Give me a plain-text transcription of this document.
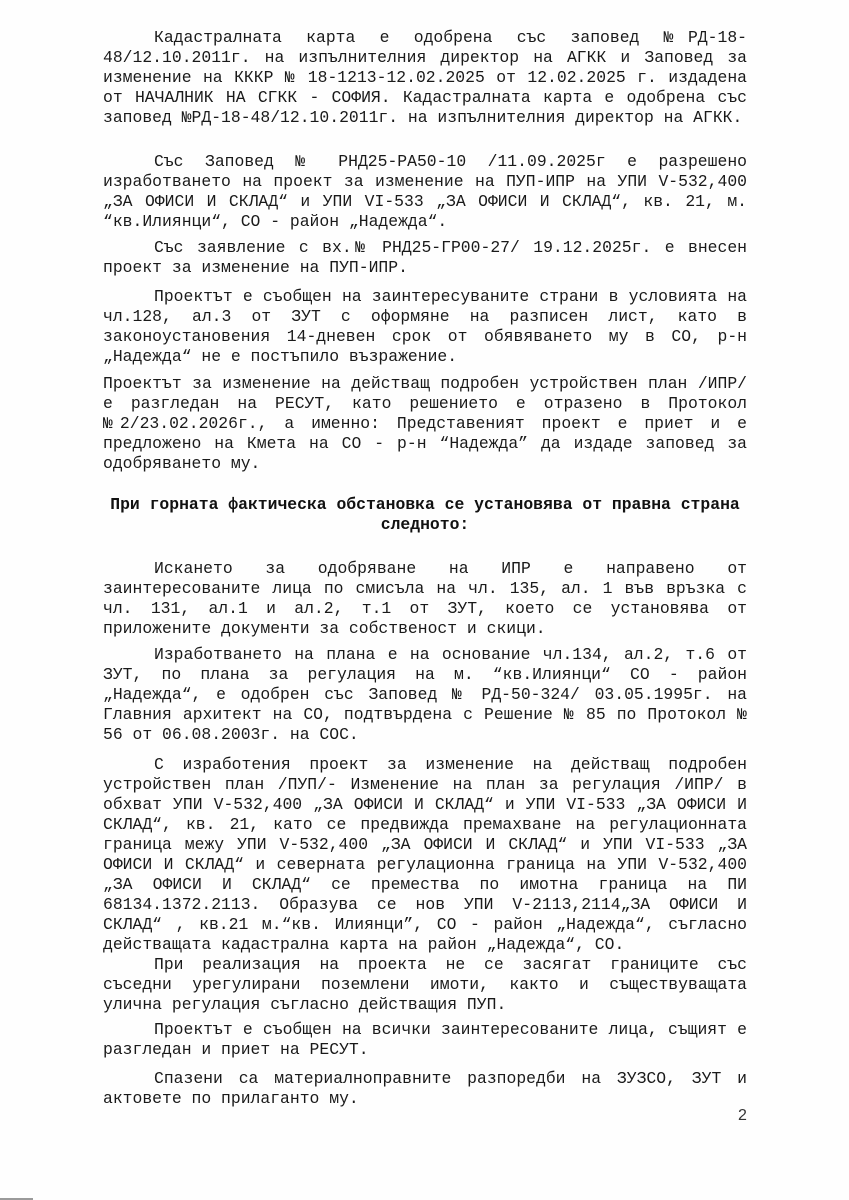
Кадастралната карта е одобрена със заповед №РД-18-48/12.10.2011г. на изпълнителния директор на АГКК и Заповед за изменение на КККР № 18-1213-12.02.2025 от 12.02.2025 г. издадена от НАЧАЛНИК НА СГКК - СОФИЯ. Кадастралната карта е одобрена със заповед №РД-18-48/12.10.2011г. на изпълнителния директор на АГКК.

Със Заповед № РНД25-РА50-10 /11.09.2025г е разрешено изработването на проект за изменение на ПУП-ИПР на УПИ V-532,400 „ЗА ОФИСИ И СКЛАД“ и УПИ VI-533 „ЗА ОФИСИ И СКЛАД“, кв. 21, м. “кв.Илиянци“, СО - район „Надежда“.

Със заявление с вх.№ РНД25-ГР00-27/ 19.12.2025г. е внесен проект за изменение на ПУП-ИПР.

Проектът е съобщен на заинтересуваните страни в условията на чл.128, ал.3 от ЗУТ с оформяне на разписен лист, като в законоустановения 14-дневен срок от обявяването му в СО, р-н „Надежда“ не е постъпило възражение.

Проектът за изменение на действащ подробен устройствен план /ИПР/е разгледан на РЕСУТ, като решението е отразено в Протокол №2/23.02.2026г., а именно: Представеният проект е приет и е предложено на Кмета на СО - р-н “Надежда” да издаде заповед за одобряването му.

При горната фактическа обстановка се установява от правна страна следното:

Искането за одобряване на ИПР е направено от заинтересованите лица по смисъла на чл. 135, ал. 1 във връзка с чл. 131, ал.1 и ал.2, т.1 от ЗУТ, което се установява от приложените документи за собственост и скици.

Изработването на плана е на основание чл.134, ал.2, т.6 от ЗУТ, по плана за регулация на м. “кв.Илиянци“ СО - район „Надежда“, е одобрен със Заповед № РД-50-324/ 03.05.1995г. на Главния архитект на СО, подтвърдена с Решение № 85 по Протокол № 56 от 06.08.2003г. на СОС.

С изработения проект за изменение на действащ подробен устройствен план /ПУП/- Изменение на план за регулация /ИПР/ в обхват УПИ V-532,400 „ЗА ОФИСИ И СКЛАД“ и УПИ VI-533 „ЗА ОФИСИ И СКЛАД“, кв. 21, като се предвижда премахване на регулационната граница межу УПИ V-532,400 „ЗА ОФИСИ И СКЛАД“ и УПИ VI-533 „ЗА ОФИСИ И СКЛАД“ и северната регулационна граница на УПИ V-532,400 „ЗА ОФИСИ И СКЛАД“ се премества по имотна граница на ПИ 68134.1372.2113. Образува се нов УПИ V-2113,2114„ЗА ОФИСИ И СКЛАД“ , кв.21 м.“кв. Илиянци”, СО - район „Надежда“, съгласно действащата кадастрална карта на район „Надежда“, СО.

При реализация на проекта не се засягат границите със съседни урегулирани поземлени имоти, както и съществуващата улична регулация съгласно действащия ПУП.

Проектът е съобщен на всички заинтересованите лица, същият е разгледан и приет на РЕСУТ.

Спазени са материалноправните разпоредби на ЗУЗСО, ЗУТ и актовете по прилаганто му.

2
